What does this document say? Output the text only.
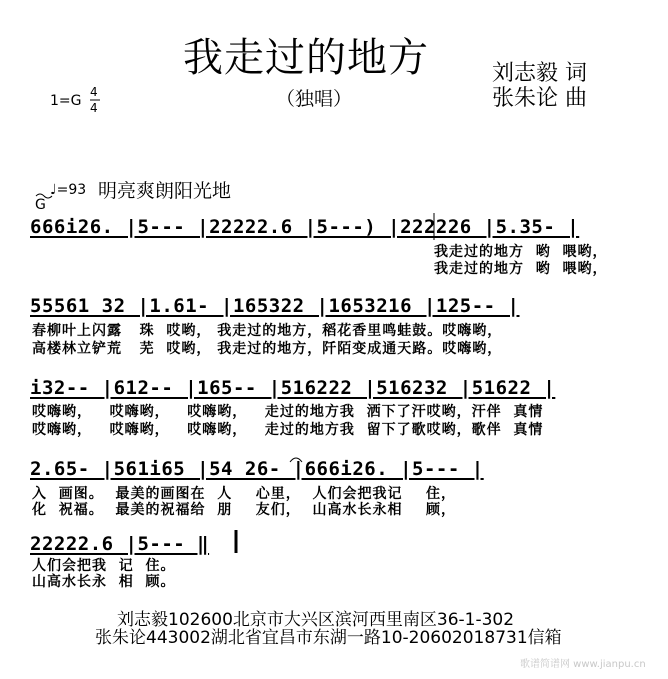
我走过的地方
（独唱）
刘志毅 词
张朱论 曲
1=G
4
4
G
♩=93 明亮爽朗阳光地
666i26. |5--- |22222.6 |5---) |222226 |5.35- |
我走过的地方  哟  喂哟，
我走过的地方  哟  喂哟，
55561 32 |1.61- |165322 |1653216 |125-- |
春柳叶上闪露   珠  哎哟， 我走过的地方，稻花香里鸣蛙鼓。哎嗨哟，
高楼林立铲荒   芜  哎哟， 我走过的地方，阡陌变成通天路。哎嗨哟，
i32-- |612-- |165-- |516222 |516232 |51622 |
哎嗨哟，   哎嗨哟，   哎嗨哟，   走过的地方我  洒下了汗哎哟，汗伴  真情
哎嗨哟，   哎嗨哟，   哎嗨哟，   走过的地方我  留下了歌哎哟，歌伴  真情
2.65- |561i65 |54 26- |666i26. |5--- |
入  画图。  最美的画图在  人    心里，  人们会把我记    住，
化  祝福。  最美的祝福给  朋    友们，  山高水长永相    顾，
22222.6 |5--- ‖
人们会把我  记  住。
山高水长永  相  顾。
刘志毅102600北京市大兴区滨河西里南区36-1-302
张朱论443002湖北省宜昌市东湖一路10-20602018731信箱
歌谱简谱网 www.jianpu.cn
